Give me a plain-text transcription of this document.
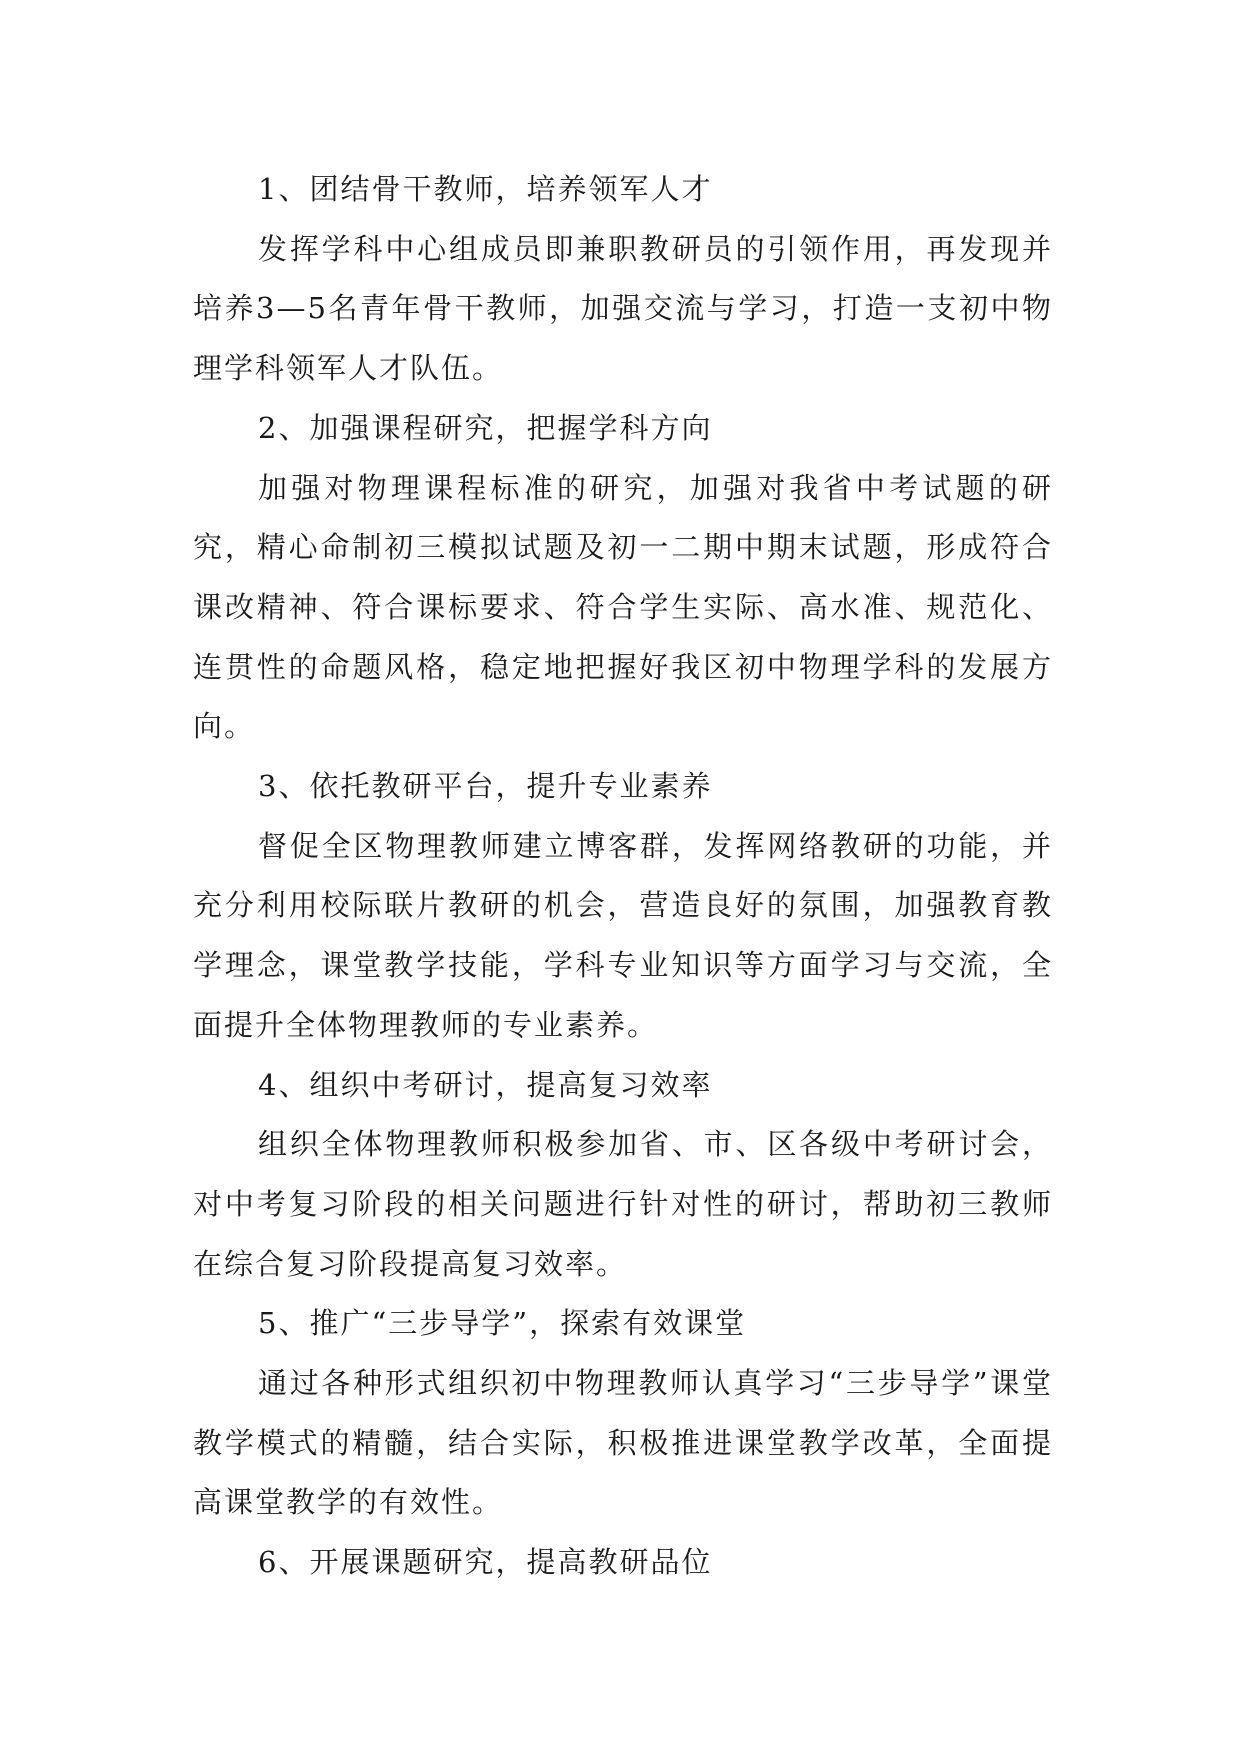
1、团结骨干教师，培养领军人才

发挥学科中心组成员即兼职教研员的引领作用，再发现并培养3—5名青年骨干教师，加强交流与学习，打造一支初中物理学科领军人才队伍。

2、加强课程研究，把握学科方向

加强对物理课程标准的研究，加强对我省中考试题的研究，精心命制初三模拟试题及初一二期中期末试题，形成符合课改精神、符合课标要求、符合学生实际、高水准、规范化、连贯性的命题风格，稳定地把握好我区初中物理学科的发展方向。

3、依托教研平台，提升专业素养

督促全区物理教师建立博客群，发挥网络教研的功能，并充分利用校际联片教研的机会，营造良好的氛围，加强教育教学理念，课堂教学技能，学科专业知识等方面学习与交流，全面提升全体物理教师的专业素养。

4、组织中考研讨，提高复习效率

组织全体物理教师积极参加省、市、区各级中考研讨会，对中考复习阶段的相关问题进行针对性的研讨，帮助初三教师在综合复习阶段提高复习效率。

5、推广“三步导学”，探索有效课堂

通过各种形式组织初中物理教师认真学习“三步导学”课堂教学模式的精髓，结合实际，积极推进课堂教学改革，全面提高课堂教学的有效性。

6、开展课题研究，提高教研品位
